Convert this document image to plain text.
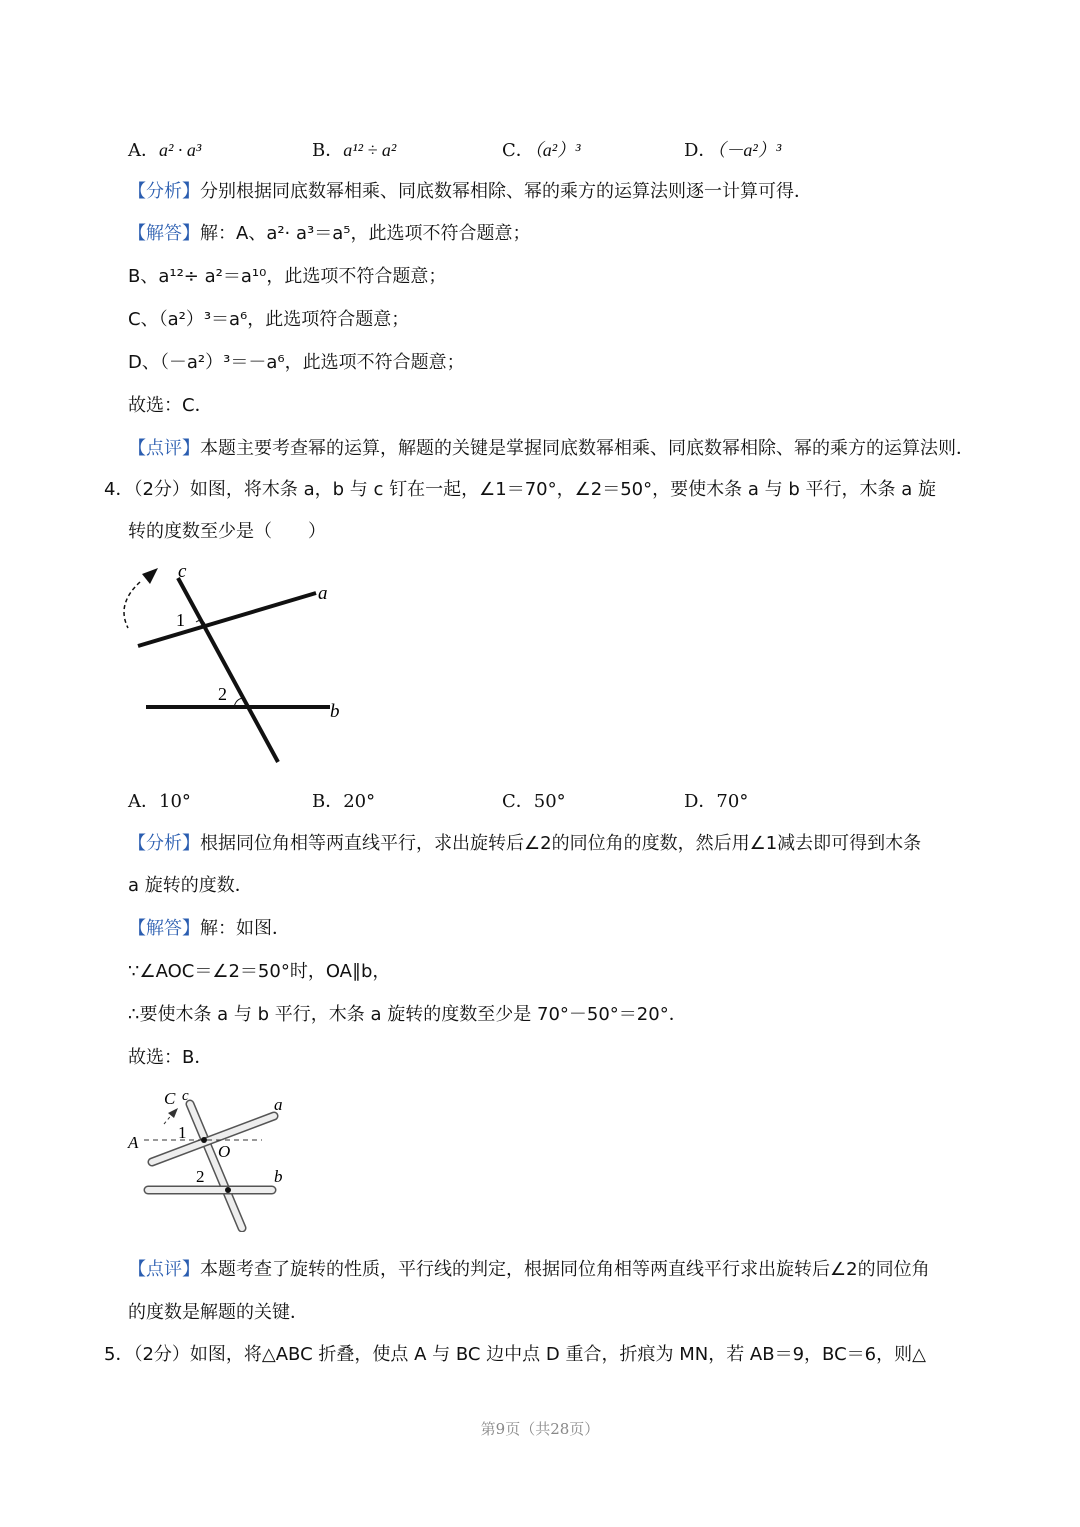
A．a² · a³	B．a¹² ÷ a²	C．（a²）³	D．（－a²）³
【分析】分别根据同底数幂相乘、同底数幂相除、幂的乘方的运算法则逐一计算可得．
【解答】解：A、a²· a³＝a⁵，此选项不符合题意；
B、a¹²÷ a²＝a¹⁰，此选项不符合题意；
C、（a²）³＝a⁶，此选项符合题意；
D、（－a²）³＝－a⁶，此选项不符合题意；
故选：C．
【点评】本题主要考查幂的运算，解题的关键是掌握同底数幂相乘、同底数幂相除、幂的乘方的运算法则．
4．（2分）如图，将木条 a，b 与 c 钉在一起，∠1＝70°，∠2＝50°，要使木条 a 与 b 平行，木条 a 旋
转的度数至少是（　　）
c
a
b
1
2
A．10°	B．20°	C．50°	D．70°
【分析】根据同位角相等两直线平行，求出旋转后∠2的同位角的度数，然后用∠1减去即可得到木条
a 旋转的度数．
【解答】解：如图．
∵∠AOC＝∠2＝50°时，OA∥b，
∴要使木条 a 与 b 平行，木条 a 旋转的度数至少是 70°－50°＝20°．
故选：B．
C c	a
A
1
O
2	b
【点评】本题考查了旋转的性质，平行线的判定，根据同位角相等两直线平行求出旋转后∠2的同位角
的度数是解题的关键．
5．（2分）如图，将△ABC 折叠，使点 A 与 BC 边中点 D 重合，折痕为 MN，若 AB＝9，BC＝6，则△
第9页（共28页）
